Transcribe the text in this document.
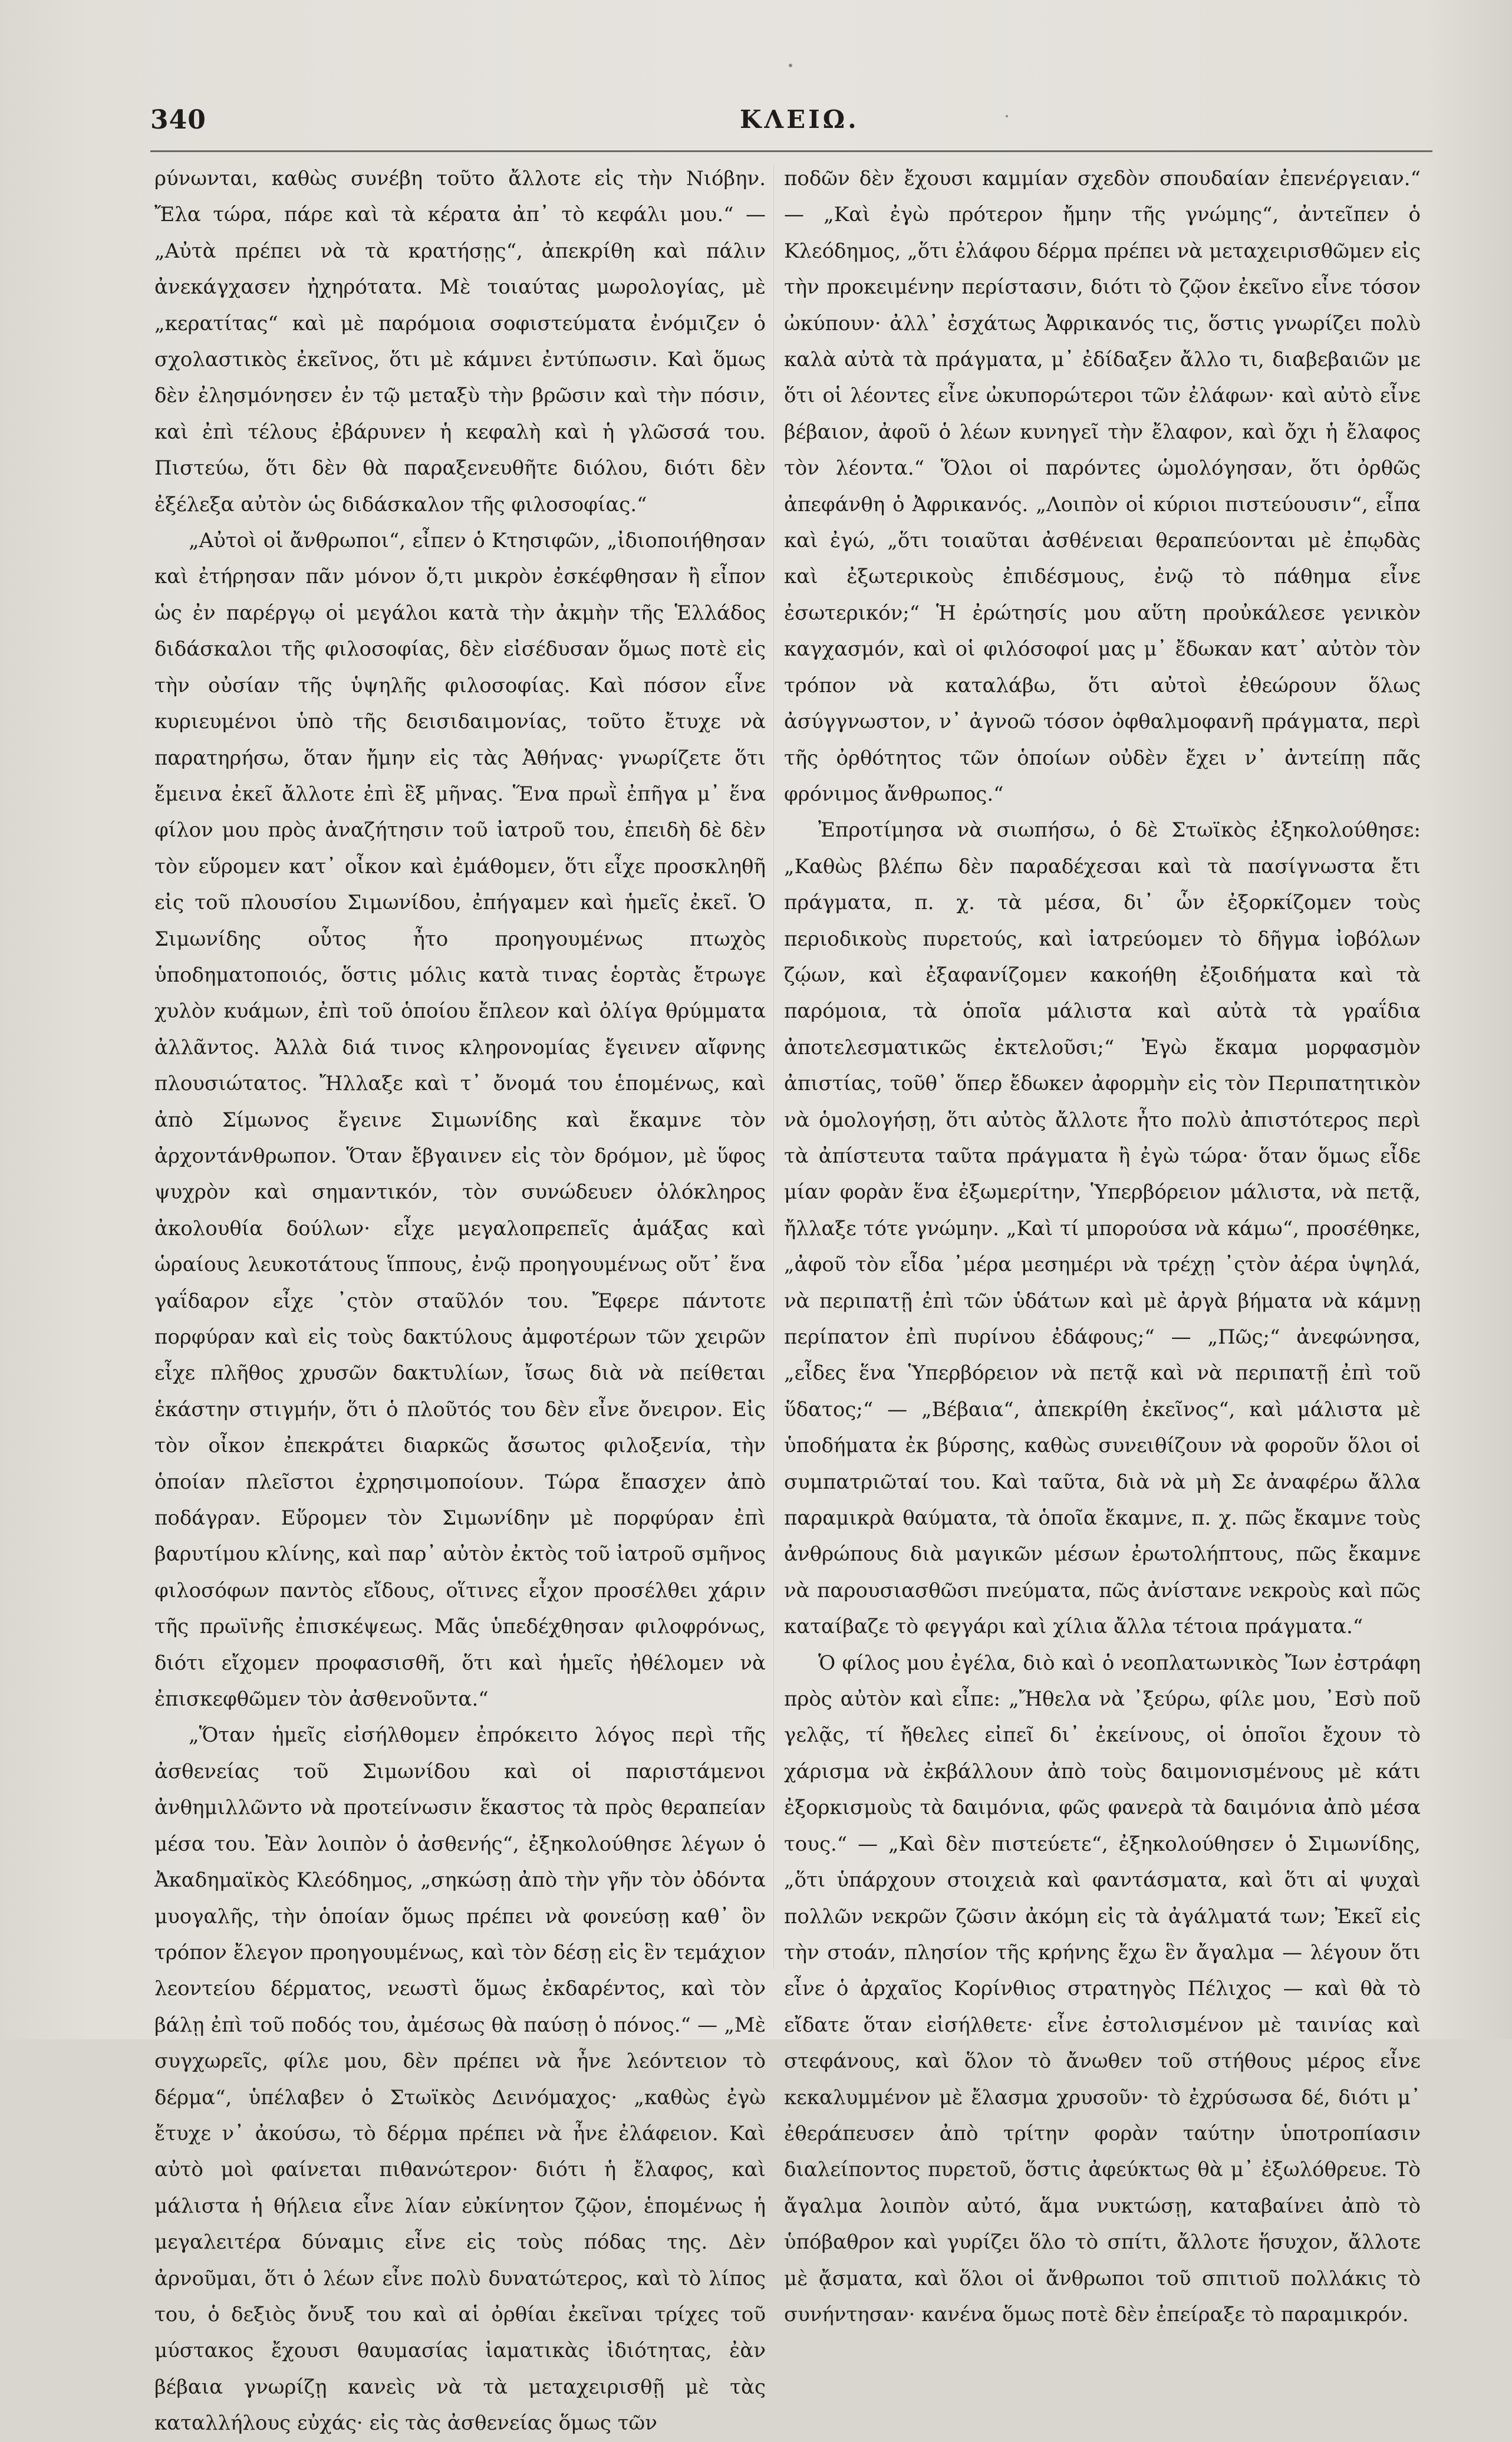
340	ΚΛΕΙΩ.

ρύνωνται, καθὼς συνέβη τοῦτο ἄλλοτε εἰς τὴν Νιόβην. Ἔλα τώρα, πάρε καὶ τὰ κέρατα ἀπ᾽ τὸ κεφάλι μου.“ — „Αὐτὰ πρέπει νὰ τὰ κρατήσῃς“, ἀπεκρίθη καὶ πάλιν ἀνεκάγχασεν ἠχηρότατα. Μὲ τοιαύτας μωρολογίας, μὲ „κερατίτας“ καὶ μὲ παρόμοια σοφιστεύματα ἐνόμιζεν ὁ σχολαστικὸς ἐκεῖνος, ὅτι μὲ κάμνει ἐντύπωσιν. Καὶ ὅμως δὲν ἐλησμόνησεν ἐν τῷ μεταξὺ τὴν βρῶσιν καὶ τὴν πόσιν, καὶ ἐπὶ τέλους ἐβάρυνεν ἡ κεφαλὴ καὶ ἡ γλῶσσά του. Πιστεύω, ὅτι δὲν θὰ παραξενευθῆτε διόλου, διότι δὲν ἐξέλεξα αὐτὸν ὡς διδάσκαλον τῆς φιλοσοφίας.“

„Αὐτοὶ οἱ ἄνθρωποι“, εἶπεν ὁ Κτησιφῶν, „ἰδιοποιήθησαν καὶ ἐτήρησαν πᾶν μόνον ὅ,τι μικρὸν ἐσκέφθησαν ἢ εἶπον ὡς ἐν παρέργῳ οἱ μεγάλοι κατὰ τὴν ἀκμὴν τῆς Ἑλλάδος διδάσκαλοι τῆς φιλοσοφίας, δὲν εἰσέδυσαν ὅμως ποτὲ εἰς τὴν οὐσίαν τῆς ὑψηλῆς φιλοσοφίας. Καὶ πόσον εἶνε κυριευμένοι ὑπὸ τῆς δεισιδαιμονίας, τοῦτο ἔτυχε νὰ παρατηρήσω, ὅταν ἤμην εἰς τὰς Ἀθήνας· γνωρίζετε ὅτι ἔμεινα ἐκεῖ ἄλλοτε ἐπὶ ἓξ μῆνας. Ἕνα πρωῒ ἐπῆγα μ᾽ ἕνα φίλον μου πρὸς ἀναζήτησιν τοῦ ἰατροῦ του, ἐπειδὴ δὲ δὲν τὸν εὕρομεν κατ᾽ οἶκον καὶ ἐμάθομεν, ὅτι εἶχε προσκληθῆ εἰς τοῦ πλουσίου Σιμωνίδου, ἐπήγαμεν καὶ ἡμεῖς ἐκεῖ. Ὁ Σιμωνίδης οὗτος ἦτο προηγουμένως πτωχὸς ὑποδηματοποιός, ὅστις μόλις κατὰ τινας ἑορτὰς ἔτρωγε χυλὸν κυάμων, ἐπὶ τοῦ ὁποίου ἔπλεον καὶ ὀλίγα θρύμματα ἀλλᾶντος. Ἀλλὰ διά τινος κληρονομίας ἔγεινεν αἴφνης πλουσιώτατος. Ἤλλαξε καὶ τ᾽ ὄνομά του ἑπομένως, καὶ ἀπὸ Σίμωνος ἔγεινε Σιμωνίδης καὶ ἔκαμνε τὸν ἀρχοντάνθρωπον. Ὅταν ἔβγαινεν εἰς τὸν δρόμον, μὲ ὕφος ψυχρὸν καὶ σημαντικόν, τὸν συνώδευεν ὁλόκληρος ἀκολουθία δούλων· εἶχε μεγαλοπρεπεῖς ἁμάξας καὶ ὡραίους λευκοτάτους ἵππους, ἐνῷ προηγουμένως οὔτ᾽ ἕνα γαΐδαρον εἶχε ᾽ςτὸν σταῦλόν του. Ἔφερε πάντοτε πορφύραν καὶ εἰς τοὺς δακτύλους ἀμφοτέρων τῶν χειρῶν εἶχε πλῆθος χρυσῶν δακτυλίων, ἴσως διὰ νὰ πείθεται ἑκάστην στιγμήν, ὅτι ὁ πλοῦτός του δὲν εἶνε ὄνειρον. Εἰς τὸν οἶκον ἐπεκράτει διαρκῶς ἄσωτος φιλοξενία, τὴν ὁποίαν πλεῖστοι ἐχρησιμοποίουν. Τώρα ἔπασχεν ἀπὸ ποδάγραν. Εὕρομεν τὸν Σιμωνίδην μὲ πορφύραν ἐπὶ βαρυτίμου κλίνης, καὶ παρ᾽ αὐτὸν ἐκτὸς τοῦ ἰατροῦ σμῆνος φιλοσόφων παντὸς εἴδους, οἵτινες εἶχον προσέλθει χάριν τῆς πρωϊνῆς ἐπισκέψεως. Μᾶς ὑπεδέχθησαν φιλοφρόνως, διότι εἴχομεν προφασισθῆ, ὅτι καὶ ἡμεῖς ἠθέλομεν νὰ ἐπισκεφθῶμεν τὸν ἀσθενοῦντα.“

„Ὅταν ἡμεῖς εἰσήλθομεν ἐπρόκειτο λόγος περὶ τῆς ἀσθενείας τοῦ Σιμωνίδου καὶ οἱ παριστάμενοι ἀνθημιλλῶντο νὰ προτείνωσιν ἕκαστος τὰ πρὸς θεραπείαν μέσα του. Ἐὰν λοιπὸν ὁ ἀσθενής“, ἐξηκολούθησε λέγων ὁ Ἀκαδημαϊκὸς Κλεόδημος, „σηκώσῃ ἀπὸ τὴν γῆν τὸν ὀδόντα μυογαλῆς, τὴν ὁποίαν ὅμως πρέπει νὰ φονεύσῃ καθ᾽ ὃν τρόπον ἔλεγον προηγουμένως, καὶ τὸν δέσῃ εἰς ἓν τεμάχιον λεοντείου δέρματος, νεωστὶ ὅμως ἐκδαρέντος, καὶ τὸν βάλῃ ἐπὶ τοῦ ποδός του, ἀμέσως θὰ παύσῃ ὁ πόνος.“ — „Μὲ συγχωρεῖς, φίλε μου, δὲν πρέπει νὰ ἦνε λεόντειον τὸ δέρμα“, ὑπέλαβεν ὁ Στωϊκὸς Δεινόμαχος· „καθὼς ἐγὼ ἔτυχε ν᾽ ἀκούσω, τὸ δέρμα πρέπει νὰ ἦνε ἐλάφειον. Καὶ αὐτὸ μοὶ φαίνεται πιθανώτερον· διότι ἡ ἔλαφος, καὶ μάλιστα ἡ θήλεια εἶνε λίαν εὐκίνητον ζῷον, ἑπομένως ἡ μεγαλειτέρα δύναμις εἶνε εἰς τοὺς πόδας της. Δὲν ἀρνοῦμαι, ὅτι ὁ λέων εἶνε πολὺ δυνατώτερος, καὶ τὸ λίπος του, ὁ δεξιὸς ὄνυξ του καὶ αἱ ὀρθίαι ἐκεῖναι τρίχες τοῦ μύστακος ἔχουσι θαυμασίας ἰαματικὰς ἰδιότητας, ἐὰν βέβαια γνωρίζῃ κανεὶς νὰ τὰ μεταχειρισθῇ μὲ τὰς καταλλήλους εὐχάς· εἰς τὰς ἀσθενείας ὅμως τῶν

ποδῶν δὲν ἔχουσι καμμίαν σχεδὸν σπουδαίαν ἐπενέργειαν.“ — „Καὶ ἐγὼ πρότερον ἤμην τῆς γνώμης“, ἀντεῖπεν ὁ Κλεόδημος, „ὅτι ἐλάφου δέρμα πρέπει νὰ μεταχειρισθῶμεν εἰς τὴν προκειμένην περίστασιν, διότι τὸ ζῷον ἐκεῖνο εἶνε τόσον ὠκύπουν· ἀλλ᾽ ἐσχάτως Ἀφρικανός τις, ὅστις γνωρίζει πολὺ καλὰ αὐτὰ τὰ πράγματα, μ᾽ ἐδίδαξεν ἄλλο τι, διαβεβαιῶν με ὅτι οἱ λέοντες εἶνε ὠκυπορώτεροι τῶν ἐλάφων· καὶ αὐτὸ εἶνε βέβαιον, ἀφοῦ ὁ λέων κυνηγεῖ τὴν ἔλαφον, καὶ ὄχι ἡ ἔλαφος τὸν λέοντα.“ Ὅλοι οἱ παρόντες ὡμολόγησαν, ὅτι ὀρθῶς ἀπεφάνθη ὁ Ἀφρικανός. „Λοιπὸν οἱ κύριοι πιστεύουσιν“, εἶπα καὶ ἐγώ, „ὅτι τοιαῦται ἀσθένειαι θεραπεύονται μὲ ἐπῳδὰς καὶ ἐξωτερικοὺς ἐπιδέσμους, ἐνῷ τὸ πάθημα εἶνε ἐσωτερικόν;“ Ἡ ἐρώτησίς μου αὕτη προὐκάλεσε γενικὸν καγχασμόν, καὶ οἱ φιλόσοφοί μας μ᾽ ἔδωκαν κατ᾽ αὐτὸν τὸν τρόπον νὰ καταλάβω, ὅτι αὐτοὶ ἐθεώρουν ὅλως ἀσύγγνωστον, ν᾽ ἀγνοῶ τόσον ὀφθαλμοφανῆ πράγματα, περὶ τῆς ὀρθότητος τῶν ὁποίων οὐδὲν ἔχει ν᾽ ἀντείπῃ πᾶς φρόνιμος ἄνθρωπος.“

Ἐπροτίμησα νὰ σιωπήσω, ὁ δὲ Στωϊκὸς ἐξηκολούθησε: „Καθὼς βλέπω δὲν παραδέχεσαι καὶ τὰ πασίγνωστα ἔτι πράγματα, π. χ. τὰ μέσα, δι᾽ ὧν ἐξορκίζομεν τοὺς περιοδικοὺς πυρετούς, καὶ ἰατρεύομεν τὸ δῆγμα ἰοβόλων ζῴων, καὶ ἐξαφανίζομεν κακοήθη ἐξοιδήματα καὶ τὰ παρόμοια, τὰ ὁποῖα μάλιστα καὶ αὐτὰ τὰ γραΐδια ἀποτελεσματικῶς ἐκτελοῦσι;“ Ἐγὼ ἔκαμα μορφασμὸν ἀπιστίας, τοῦθ᾽ ὅπερ ἔδωκεν ἀφορμὴν εἰς τὸν Περιπατητικὸν νὰ ὁμολογήσῃ, ὅτι αὐτὸς ἄλλοτε ἦτο πολὺ ἀπιστότερος περὶ τὰ ἀπίστευτα ταῦτα πράγματα ἢ ἐγὼ τώρα· ὅταν ὅμως εἶδε μίαν φορὰν ἕνα ἐξωμερίτην, Ὑπερβόρειον μάλιστα, νὰ πετᾷ, ἤλλαξε τότε γνώμην. „Καὶ τί μπορούσα νὰ κάμω“, προσέθηκε, „ἀφοῦ τὸν εἶδα ᾽μέρα μεσημέρι νὰ τρέχῃ ᾽ςτὸν ἀέρα ὑψηλά, νὰ περιπατῇ ἐπὶ τῶν ὑδάτων καὶ μὲ ἀργὰ βήματα νὰ κάμνῃ περίπατον ἐπὶ πυρίνου ἐδάφους;“ — „Πῶς;“ ἀνεφώνησα, „εἶδες ἕνα Ὑπερβόρειον νὰ πετᾷ καὶ νὰ περιπατῇ ἐπὶ τοῦ ὕδατος;“ — „Βέβαια“, ἀπεκρίθη ἐκεῖνος“, καὶ μάλιστα μὲ ὑποδήματα ἐκ βύρσης, καθὼς συνειθίζουν νὰ φοροῦν ὅλοι οἱ συμπατριῶταί του. Καὶ ταῦτα, διὰ νὰ μὴ Σε ἀναφέρω ἄλλα παραμικρὰ θαύματα, τὰ ὁποῖα ἔκαμνε, π. χ. πῶς ἔκαμνε τοὺς ἀνθρώπους διὰ μαγικῶν μέσων ἐρωτολήπτους, πῶς ἔκαμνε νὰ παρουσιασθῶσι πνεύματα, πῶς ἀνίστανε νεκροὺς καὶ πῶς καταίβαζε τὸ φεγγάρι καὶ χίλια ἄλλα τέτοια πράγματα.“

Ὁ φίλος μου ἐγέλα, διὸ καὶ ὁ νεοπλατωνικὸς Ἴων ἐστράφη πρὸς αὐτὸν καὶ εἶπε: „Ἤθελα νὰ ᾽ξεύρω, φίλε μου, ᾽Εσὺ ποῦ γελᾷς, τί ἤθελες εἰπεῖ δι᾽ ἐκείνους, οἱ ὁποῖοι ἔχουν τὸ χάρισμα νὰ ἐκβάλλουν ἀπὸ τοὺς δαιμονισμένους μὲ κάτι ἐξορκισμοὺς τὰ δαιμόνια, φῶς φανερὰ τὰ δαιμόνια ἀπὸ μέσα τους.“ — „Καὶ δὲν πιστεύετε“, ἐξηκολούθησεν ὁ Σιμωνίδης, „ὅτι ὑπάρχουν στοιχειὰ καὶ φαντάσματα, καὶ ὅτι αἱ ψυχαὶ πολλῶν νεκρῶν ζῶσιν ἀκόμη εἰς τὰ ἀγάλματά των; Ἐκεῖ εἰς τὴν στοάν, πλησίον τῆς κρήνης ἔχω ἓν ἄγαλμα — λέγουν ὅτι εἶνε ὁ ἀρχαῖος Κορίνθιος στρατηγὸς Πέλιχος — καὶ θὰ τὸ εἴδατε ὅταν εἰσήλθετε· εἶνε ἐστολισμένον μὲ ταινίας καὶ στεφάνους, καὶ ὅλον τὸ ἄνωθεν τοῦ στήθους μέρος εἶνε κεκαλυμμένον μὲ ἔλασμα χρυσοῦν· τὸ ἐχρύσωσα δέ, διότι μ᾽ ἐθεράπευσεν ἀπὸ τρίτην φορὰν ταύτην ὑποτροπίασιν διαλείποντος πυρετοῦ, ὅστις ἀφεύκτως θὰ μ᾽ ἐξωλόθρευε. Τὸ ἄγαλμα λοιπὸν αὐτό, ἅμα νυκτώσῃ, καταβαίνει ἀπὸ τὸ ὑπόβαθρον καὶ γυρίζει ὅλο τὸ σπίτι, ἄλλοτε ἥσυχον, ἄλλοτε μὲ ᾄσματα, καὶ ὅλοι οἱ ἄνθρωποι τοῦ σπιτιοῦ πολλάκις τὸ συνήντησαν· κανένα ὅμως ποτὲ δὲν ἐπείραξε τὸ παραμικρόν.
